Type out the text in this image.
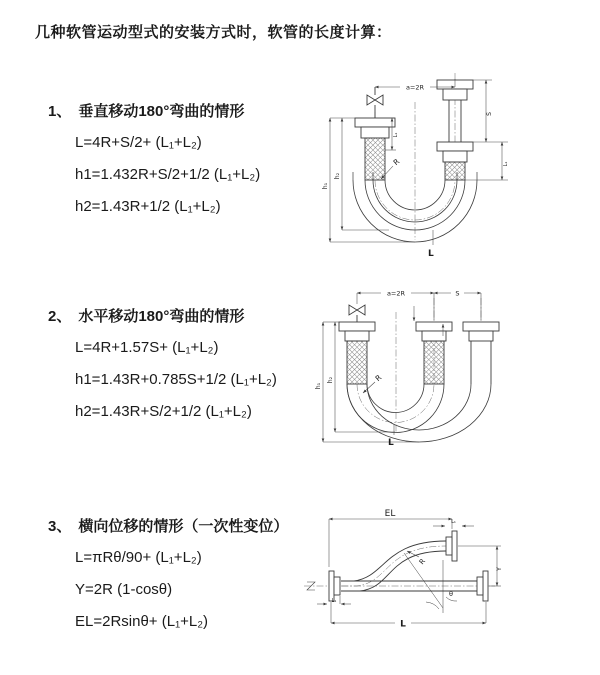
几种软管运动型式的安装方式时，软管的长度计算：
1、 垂直移动180°弯曲的情形
L=4R+S/2+ (L₁+L₂)
h1=1.432R+S/2+1/2 (L₁+L₂)
h2=1.43R+1/2 (L₁+L₂)
2、 水平移动180°弯曲的情形
L=4R+1.57S+ (L₁+L₂)
h1=1.43R+0.785S+1/2 (L₁+L₂)
h2=1.43R+S/2+1/2 (L₁+L₂)
3、 横向位移的情形（一次性变位）
L=πRθ/90+ (L₁+L₂)
Y=2R (1-cosθ)
EL=2Rsinθ+ (L₁+L₂)
a=2R
h₁
h₂
L₁
S
L₁
R
L
a=2R	S
h₁
h₂	R
L
EL
L₁
Y
L₁
R
θ
L
